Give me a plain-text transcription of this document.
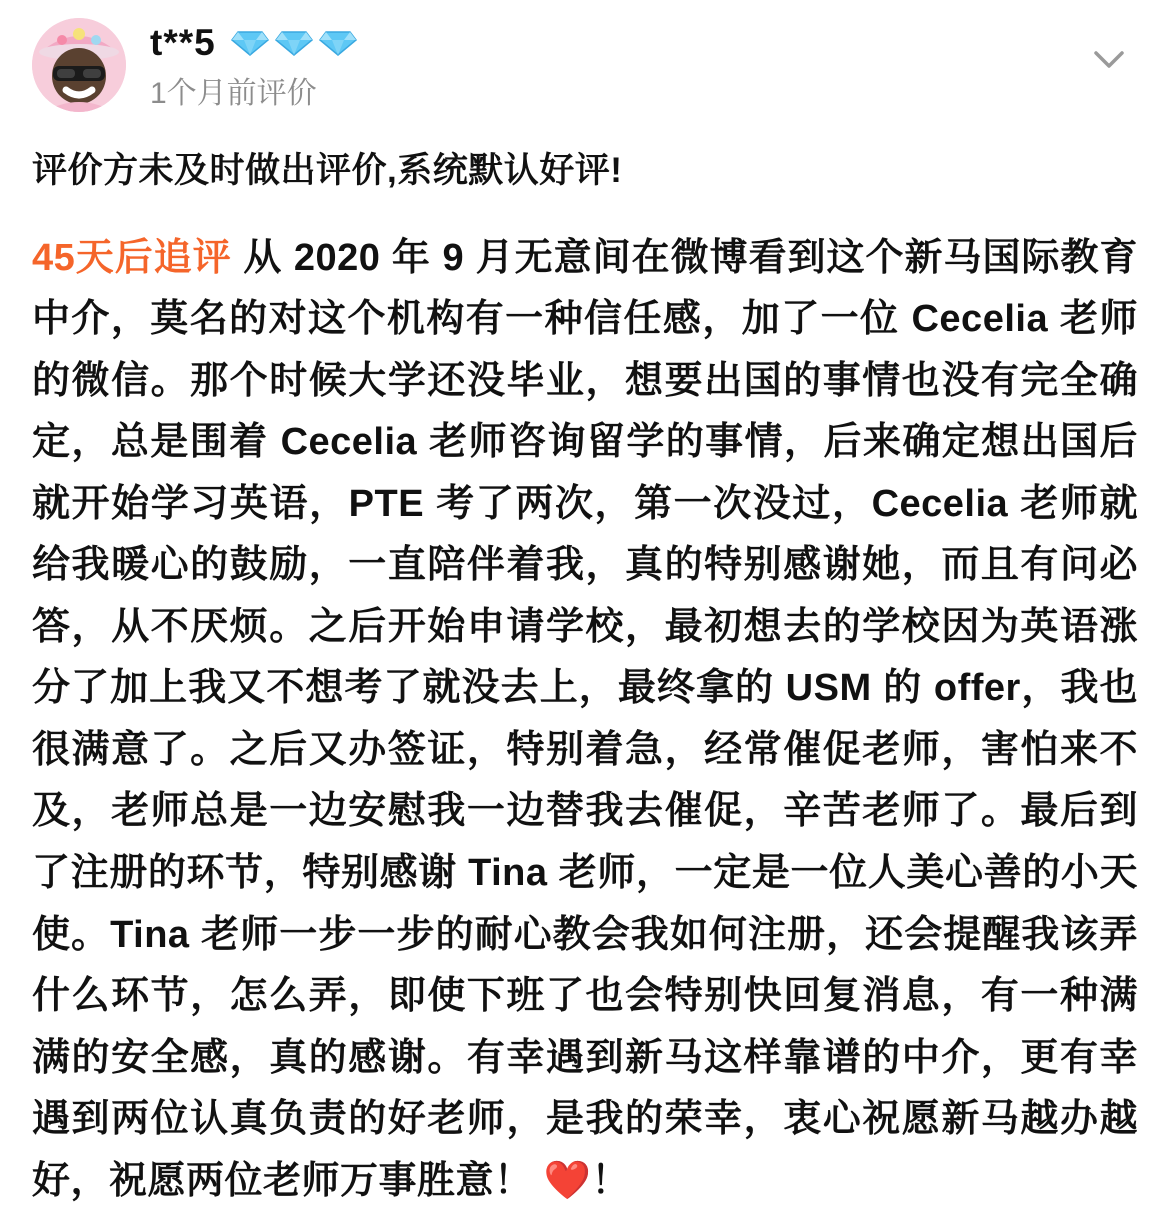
t**5
1个月前评价
评价方未及时做出评价,系统默认好评!
45天后追评 从 2020 年 9 月无意间在微博看到这个新马国际教育中介，莫名的对这个机构有一种信任感，加了一位 Cecelia 老师的微信。那个时候大学还没毕业，想要出国的事情也没有完全确定，总是围着 Cecelia 老师咨询留学的事情，后来确定想出国后就开始学习英语，PTE 考了两次，第一次没过，Cecelia 老师就给我暖心的鼓励，一直陪伴着我，真的特别感谢她，而且有问必答，从不厌烦。之后开始申请学校，最初想去的学校因为英语涨分了加上我又不想考了就没去上，最终拿的 USM 的 offer，我也很满意了。之后又办签证，特别着急，经常催促老师，害怕来不及，老师总是一边安慰我一边替我去催促，辛苦老师了。最后到了注册的环节，特别感谢 Tina 老师，一定是一位人美心善的小天使。Tina 老师一步一步的耐心教会我如何注册，还会提醒我该弄什么环节，怎么弄，即使下班了也会特别快回复消息，有一种满满的安全感，真的感谢。有幸遇到新马这样靠谱的中介，更有幸遇到两位认真负责的好老师，是我的荣幸，衷心祝愿新马越办越好，祝愿两位老师万事胜意！ ❤️！
